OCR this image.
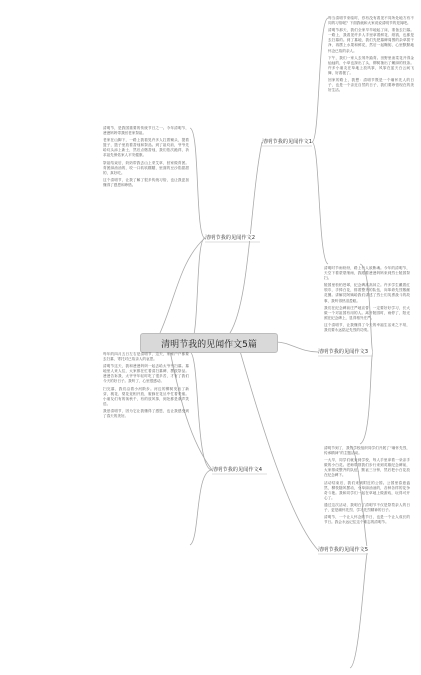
清明节我的见闻作文5篇
清明节我的见闻作文1
清明节我的见闻作文2
清明节我的见闻作文3
清明节我的见闻作文4
清明节我的见闻作文5

每当清明节来临时，你有没有看见不同所处地方有不同的习俗呢？下面我就和大家说说清明节的见闻吧。

清明节那天，我们全家早早地起了床，准备去扫墓。一路上，我看见许多人手里拿着鲜花、纸钱，也都是去扫墓的。到了墓地，我们先把墓碑周围的杂草拔干净，再摆上水果和鲜花，然后一起鞠躬，心里默默地怀念已故的亲人。

下午，我们一家人去郊外踏青。田野里油菜花开得金灿灿的，小草也探出了头，柳树抽出了嫩绿的枝条。许多小朋友在草地上放风筝，风筝在蓝天白云间飞舞，好看极了。

回家的路上，我想：清明节既是一个缅怀先人的日子，也是一个亲近自然的日子，我们要珍惜现在的美好生活。

清明节，是我国重要的传统节日之一。今年清明节，爸爸妈妈带我回老家祭祖。

老家在山脚下，一路上我看见许多人扛着锄头，提着篮子，篮子里放着香烛和祭品。到了祖坟前，爷爷先给坟头添上新土，然后点燃香烛，我们依次跪拜，祈求祖先保佑家人平安健康。

祭祖结束后，奶奶带我去山上采艾草，回家做青团。青团绿油油的，咬一口软软糯糯，里面的豆沙馅甜甜的，真好吃。

这个清明节，让我了解了很多传统习俗，也让我更加懂得了感恩和珍惜。

清明时节雨纷纷，路上行人欲断魂。今年的清明节，天空下着蒙蒙细雨，我跟着爸爸妈妈来到烈士陵园祭扫。

陵园里松柏苍翠，纪念碑高高耸立。许多学生戴着红领巾，手捧白花，排着整齐的队伍，向革命先烈敬献花圈。讲解员阿姨给我们讲述了烈士们英勇战斗的故事，我听得热泪盈眶。

我们在纪念碑前庄严地宣誓：一定要好好学习，长大做一个对祖国有用的人。离开陵园时，雨停了，阳光照在纪念碑上，显得格外庄严。

这个清明节，让我懂得了今天的幸福生活来之不易，我们要永远铭记先烈的功绩。

每年的四月五日左右是清明节，这天，家家户户都要去扫墓，寄托对已故亲人的哀思。

清明节这天，我和爸爸妈妈一起去给太爷爷扫墓。墓地里人来人往，大家都在忙着清扫墓碑、摆放祭品。爸爸告诉我，太爷爷年轻时吃了很多苦，才有了我们今天的好日子。我听了，心里很感动。

扫完墓，我们沿着小河散步。河边的柳树发出了新芽，桃花、梨花竞相开放，蜜蜂在花丛中忙着采蜜。小朋友们有的荡秋千，有的放风筝，到处都是欢声笑语。

我爱清明节，因为它让我懂得了感恩，也让我感受到了春天的美好。

清明节到了，我们学校组织同学们开展了“缅怀先烈，传承精神”的主题活动。

一大早，同学们就来到学校，每人手里拿着一朵亲手做的小白花。老师带领我们步行来到英雄纪念碑前，大家排成整齐的队伍，默哀三分钟，然后把小白花放在纪念碑下。

活动结束后，我们来到附近的公园。公园里春意盎然，柳枝随风摆动，小草绿油油的，各种各样的花争奇斗艳。我和同学们一起在草地上做游戏，玩得可开心了。

通过这次活动，我明白了清明节不仅是祭奠亲人的日子，更是缅怀先烈、学习先烈精神的日子。

清明节，一个让人怀念的节日，也是一个让人成长的节日。我会永远记住这个难忘的清明节。
